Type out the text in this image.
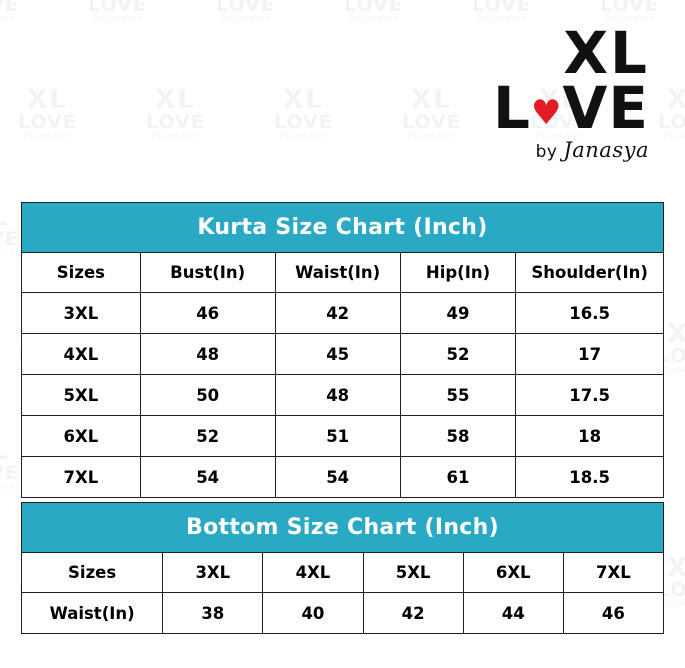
XL
L♥VE
by Janasya
Kurta Size Chart (Inch)				
Sizes	Bust(In)	Waist(In)	Hip(In)	Shoulder(In)
3XL	46	42	49	16.5
4XL	48	45	52	17
5XL	50	48	55	17.5
6XL	52	51	58	18
7XL	54	54	61	18.5
Bottom Size Chart (Inch)					
Sizes	3XL	4XL	5XL	6XL	7XL
Waist(In)	38	40	42	44	46
